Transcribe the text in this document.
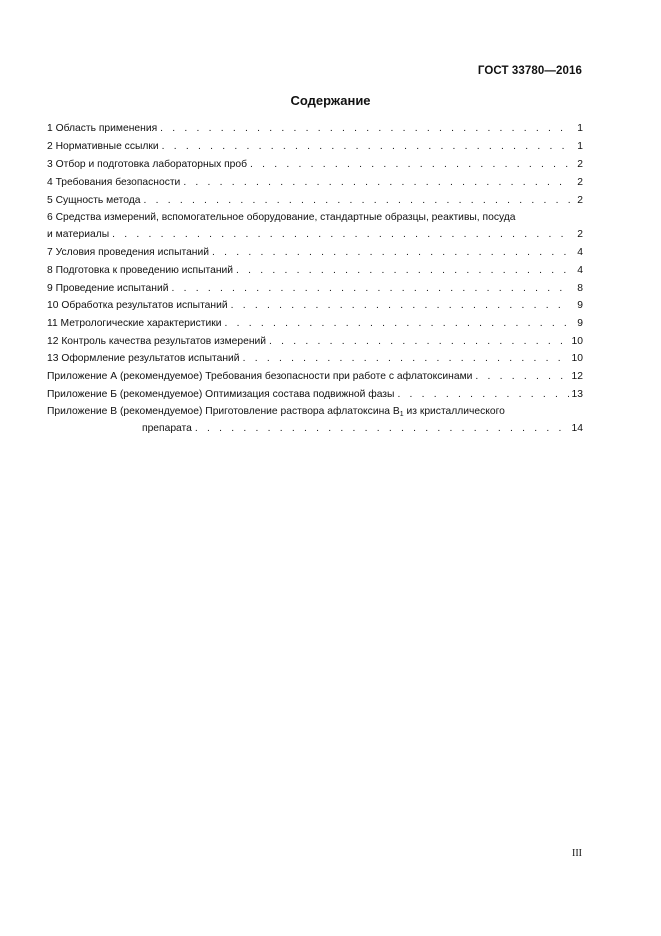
ГОСТ 33780—2016
Содержание
1 Область применения . . .	1
2 Нормативные ссылки . . .	1
3 Отбор и подготовка лабораторных проб . . .	2
4 Требования безопасности . . .	2
5 Сущность метода . . .	2
6 Средства измерений, вспомогательное оборудование, стандартные образцы, реактивы, посуда
и материалы . . .	2
7 Условия проведения испытаний . . .	4
8 Подготовка к проведению испытаний . . .	4
9 Проведение испытаний . . .	8
10 Обработка результатов испытаний . . .	9
11 Метрологические характеристики . . .	9
12 Контроль качества результатов измерений . . .	10
13 Оформление результатов испытаний . . .	10
Приложение А (рекомендуемое) Требования безопасности при работе с афлатоксинами . . .	12
Приложение Б (рекомендуемое) Оптимизация состава подвижной фазы . . .	13
Приложение В (рекомендуемое) Приготовление раствора афлатоксина $B_1$ из кристаллического
препарата . . .	14
III
